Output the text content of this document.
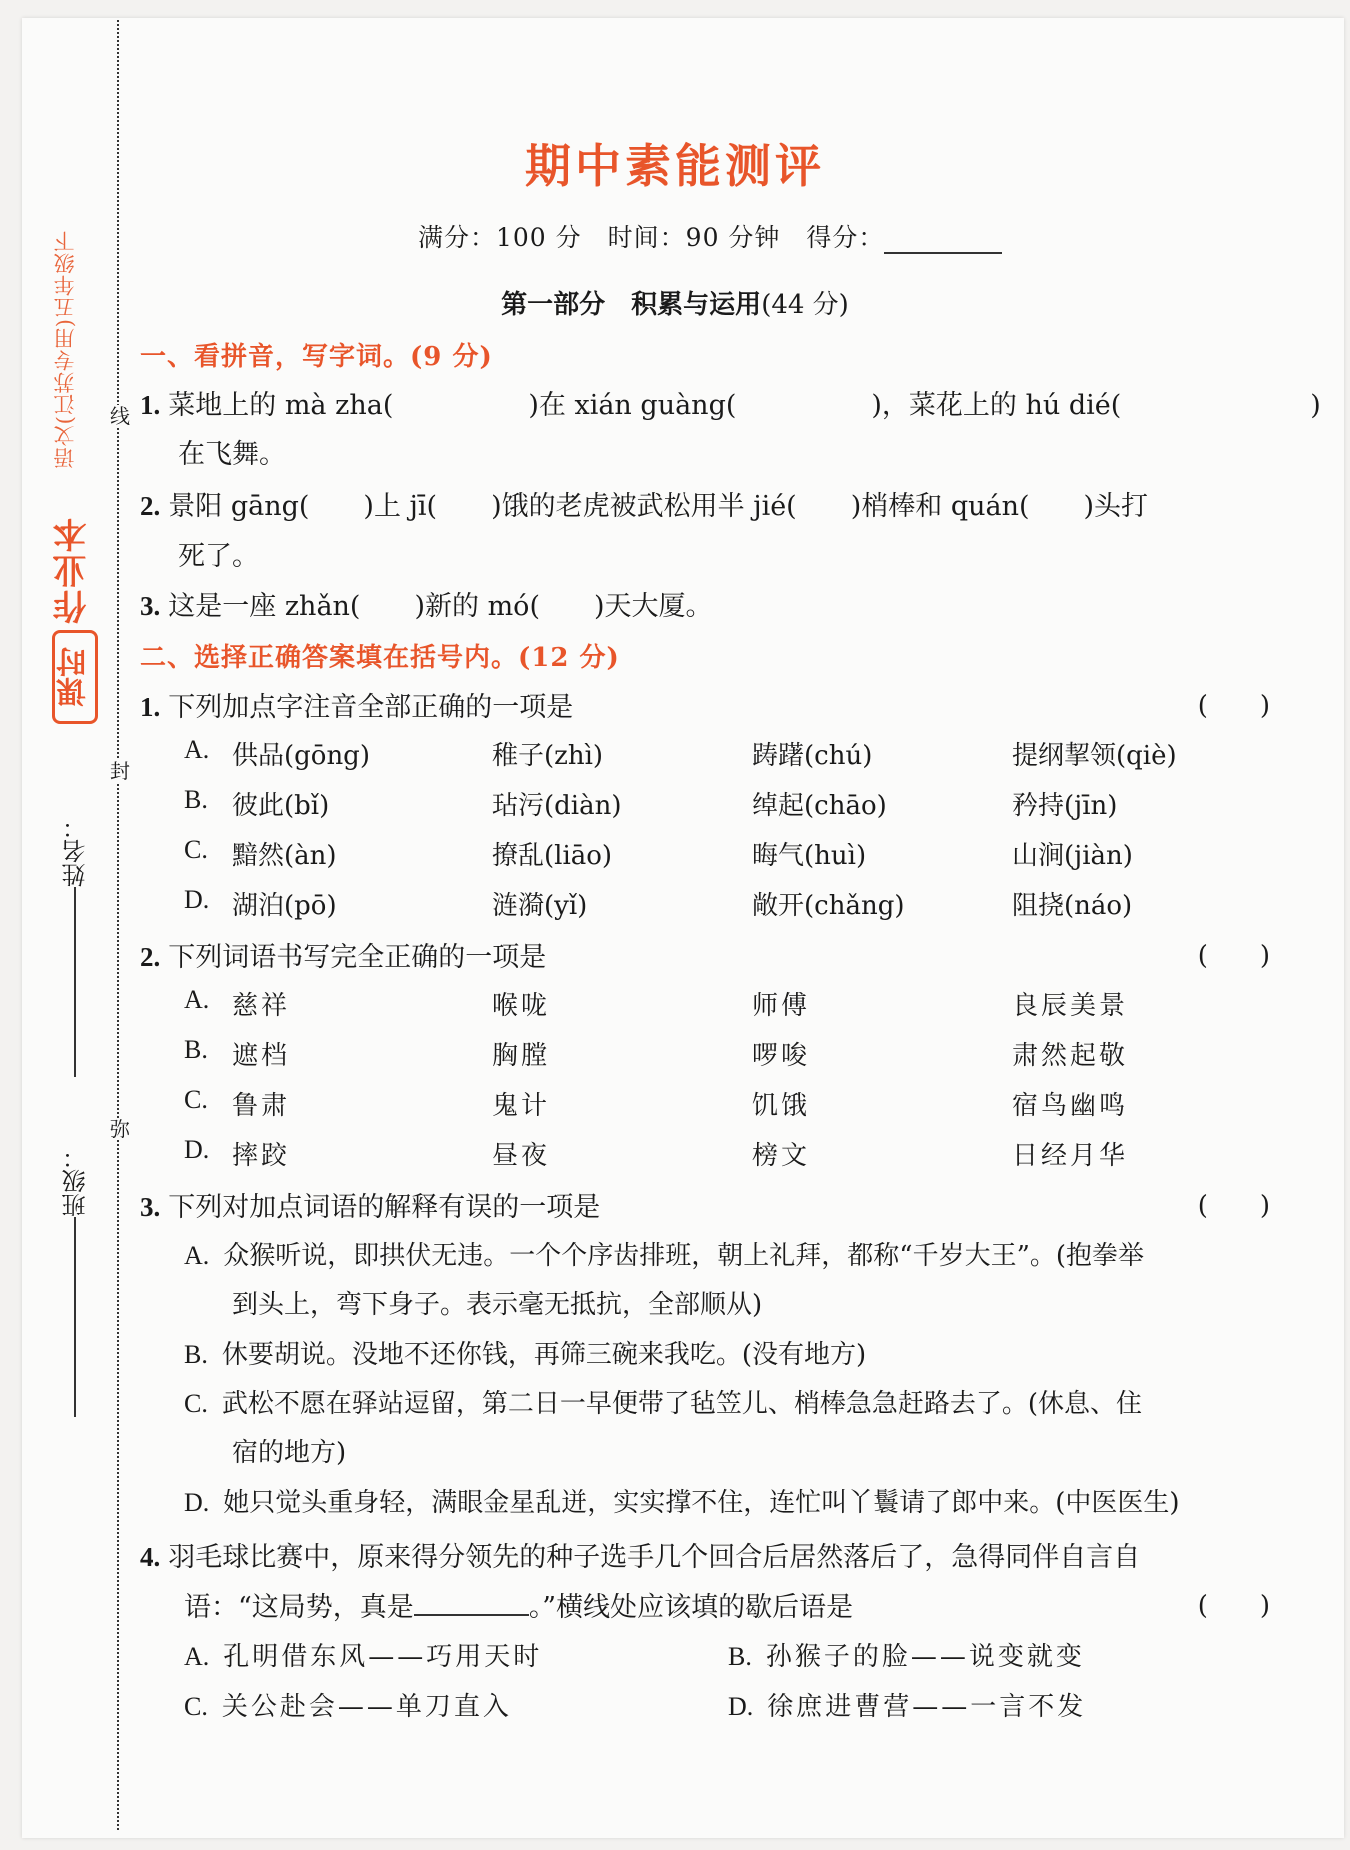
线
封
弥
语文(江苏专用)五年级下
作业本
课时
姓名：
班级：
期中素能测评
满分：100 分　时间：90 分钟　得分：
第一部分　积累与运用(44 分)
一、看拼音，写字词。(9 分)
1. 菜地上的 mà zha(　　　　　)在 xián guàng(　　　　　)，菜花上的 hú dié(　　　　　　　)
在飞舞。
2. 景阳 gāng(　　)上 jī(　　)饿的老虎被武松用半 jié(　　)梢棒和 quán(　　)头打
死了。
3. 这是一座 zhǎn(　　)新的 mó(　　)天大厦。
二、选择正确答案填在括号内。(12 分)
1. 下列加点字注音全部正确的一项是	(　　)
A. 供品(gōng)	稚子(zhì)	踌躇(chú)	提纲挈领(qiè)
B. 彼此(bǐ)	玷污(diàn)	绰起(chāo)	矜持(jīn)
C. 黯然(àn)	撩乱(liāo)	晦气(huì)	山涧(jiàn)
D. 湖泊(pō)	涟漪(yǐ)	敞开(chǎng)	阻挠(náo)
2. 下列词语书写完全正确的一项是	(　　)
A. 慈祥	喉咙	师傅	良辰美景
B. 遮档	胸膛	啰唆	肃然起敬
C. 鲁肃	鬼计	饥饿	宿鸟幽鸣
D. 摔跤	昼夜	榜文	日经月华
3. 下列对加点词语的解释有误的一项是	(　　)
A. 众猴听说，即拱伏无违。一个个序齿排班，朝上礼拜，都称“千岁大王”。(抱拳举
到头上，弯下身子。表示毫无抵抗，全部顺从)
B. 休要胡说。没地不还你钱，再筛三碗来我吃。(没有地方)
C. 武松不愿在驿站逗留，第二日一早便带了毡笠儿、梢棒急急赶路去了。(休息、住
宿的地方)
D. 她只觉头重身轻，满眼金星乱迸，实实撑不住，连忙叫丫鬟请了郎中来。(中医医生)
4. 羽毛球比赛中，原来得分领先的种子选手几个回合后居然落后了，急得同伴自言自
语：“这局势，真是	。”横线处应该填的歇后语是	(　　)
A. 孔明借东风——巧用天时	B. 孙猴子的脸——说变就变
C. 关公赴会——单刀直入	D. 徐庶进曹营——一言不发
